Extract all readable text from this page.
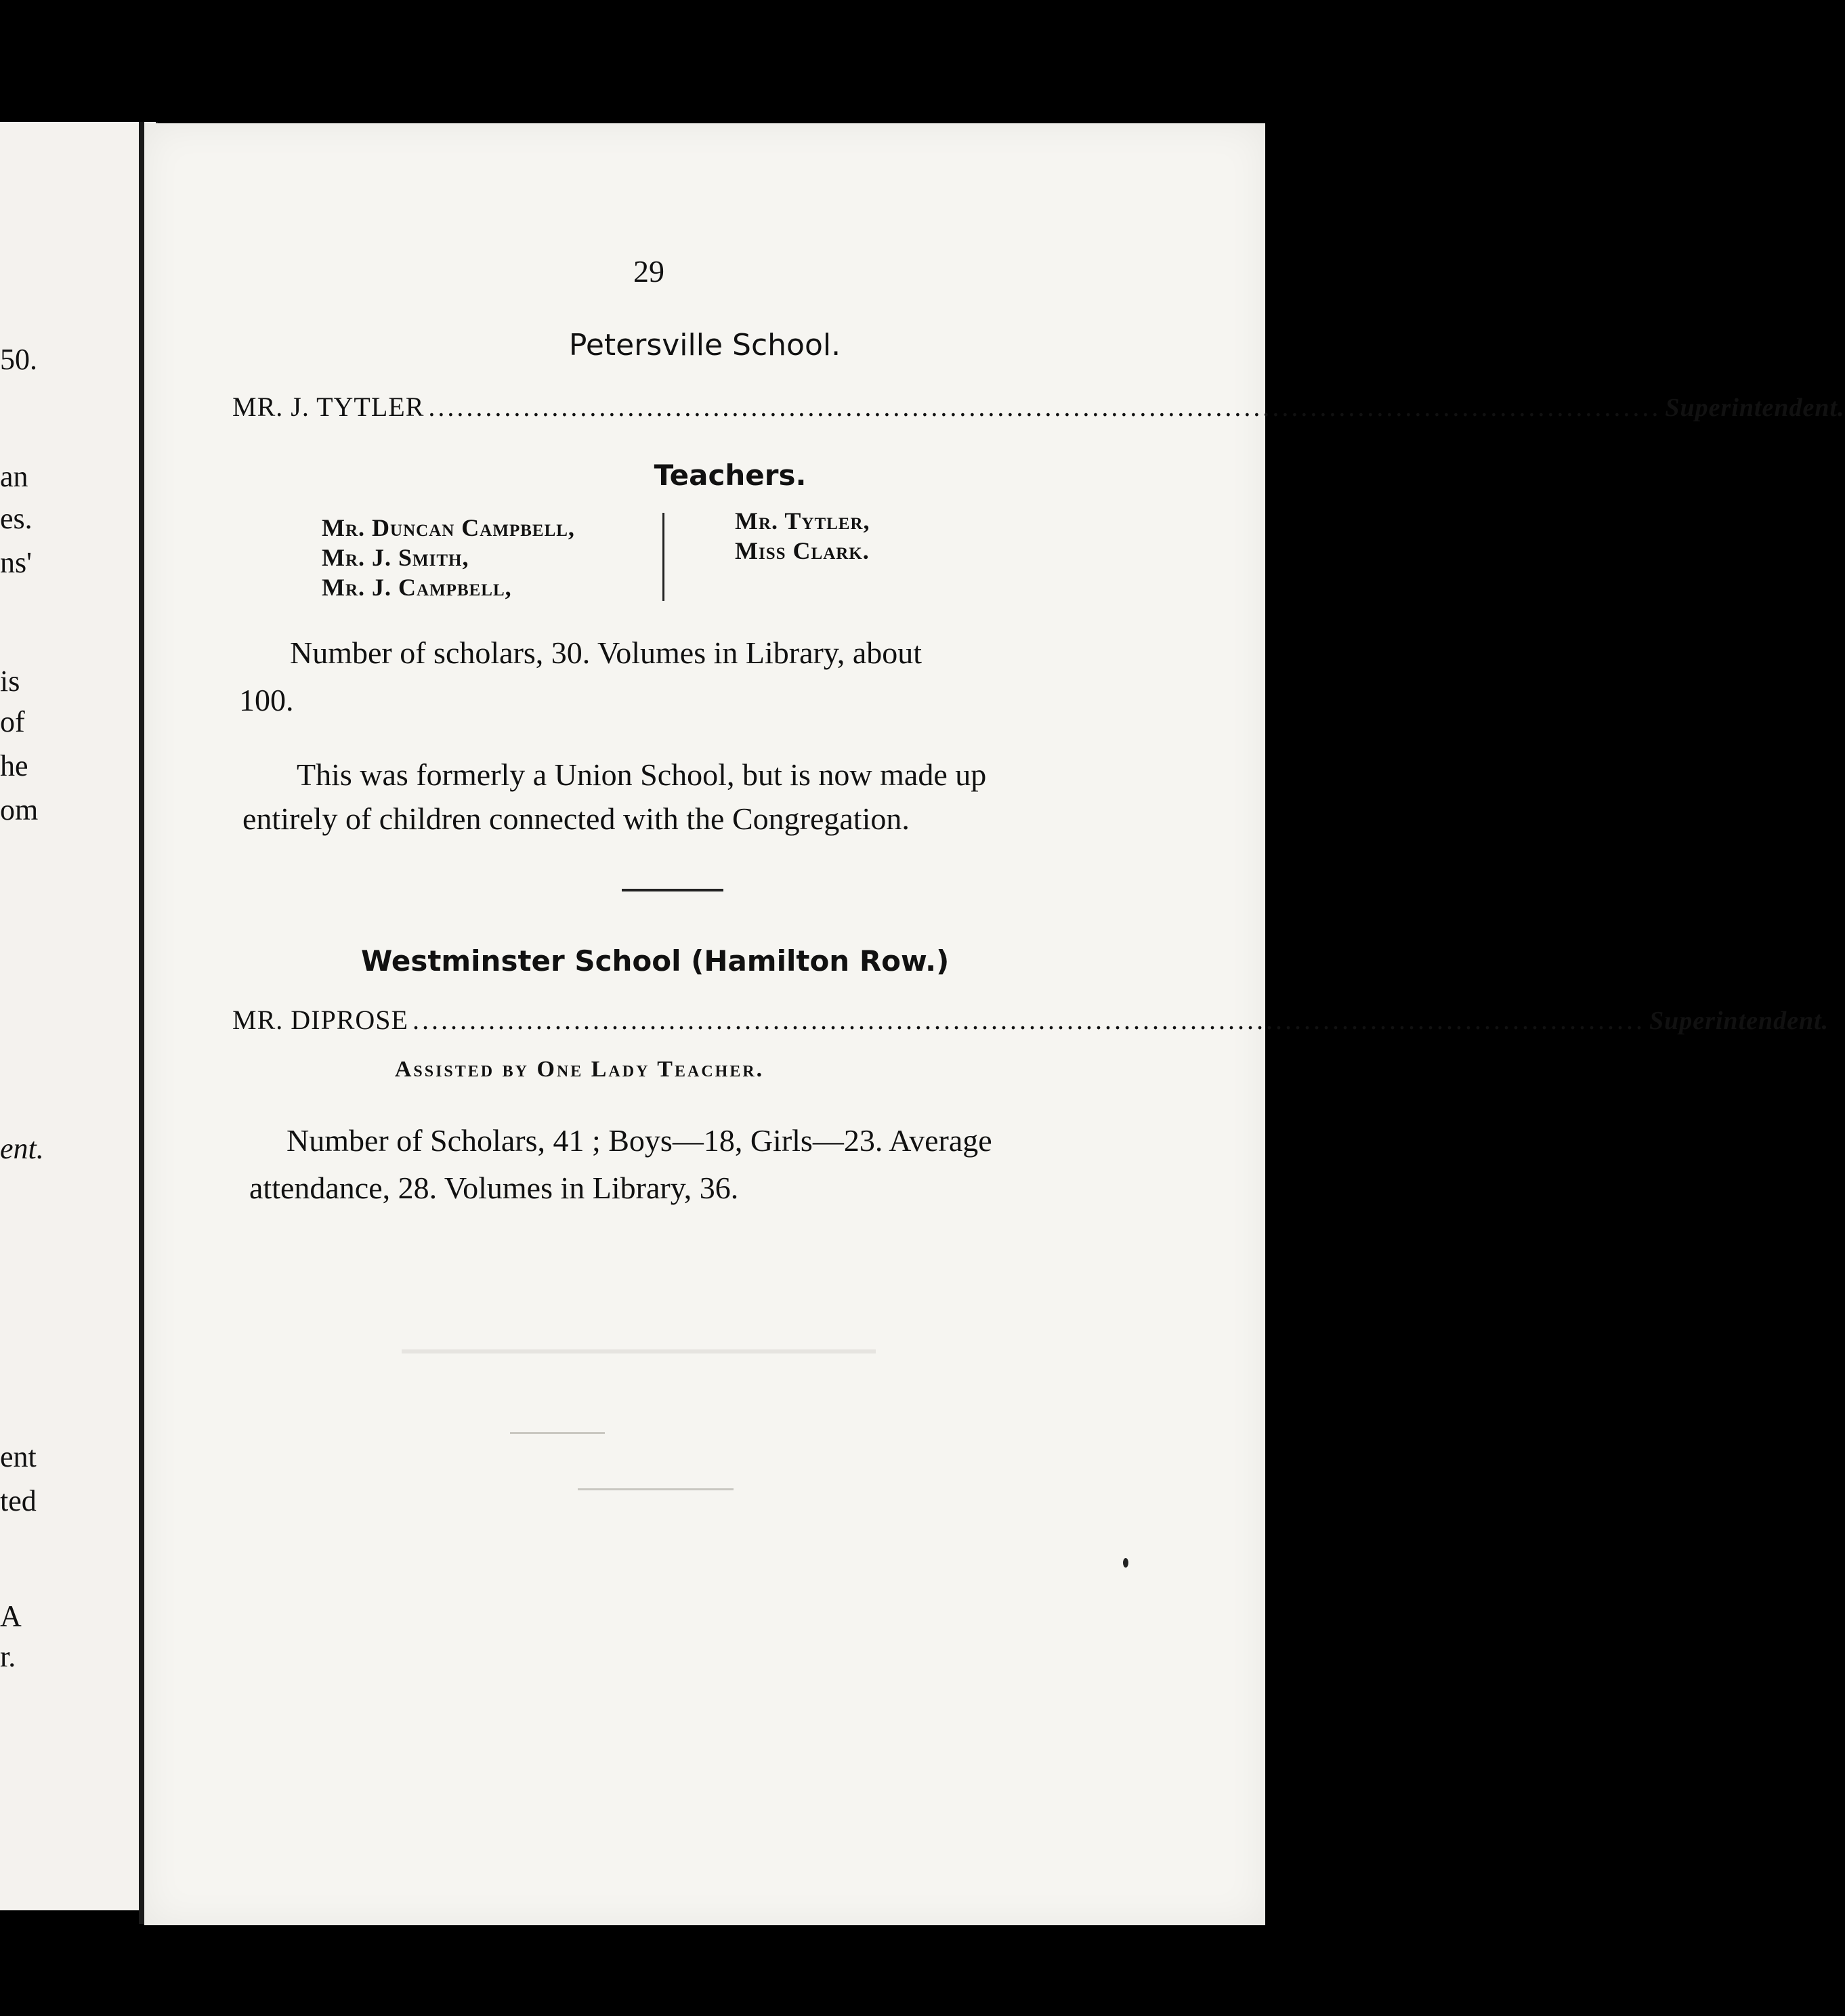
50.
an
es.
ns'
is
of
he
om
ent.
ent
ted
A
r.
29
Petersville School.
MR. J. TYTLER .................................................................................................................................. Superintendent.
Teachers.
Mr. Duncan Campbell,
Mr. J. Smith,
Mr. J. Campbell,
Mr. Tytler,
Miss Clark.
Number of scholars, 30. Volumes in Library, about
100.
This was formerly a Union School, but is now made up
entirely of children connected with the Congregation.
Westminster School (Hamilton Row.)
MR. DIPROSE .................................................................................................................................. Superintendent.
Assisted by One Lady Teacher.
Number of Scholars, 41 ; Boys—18, Girls—23. Average
attendance, 28. Volumes in Library, 36.
